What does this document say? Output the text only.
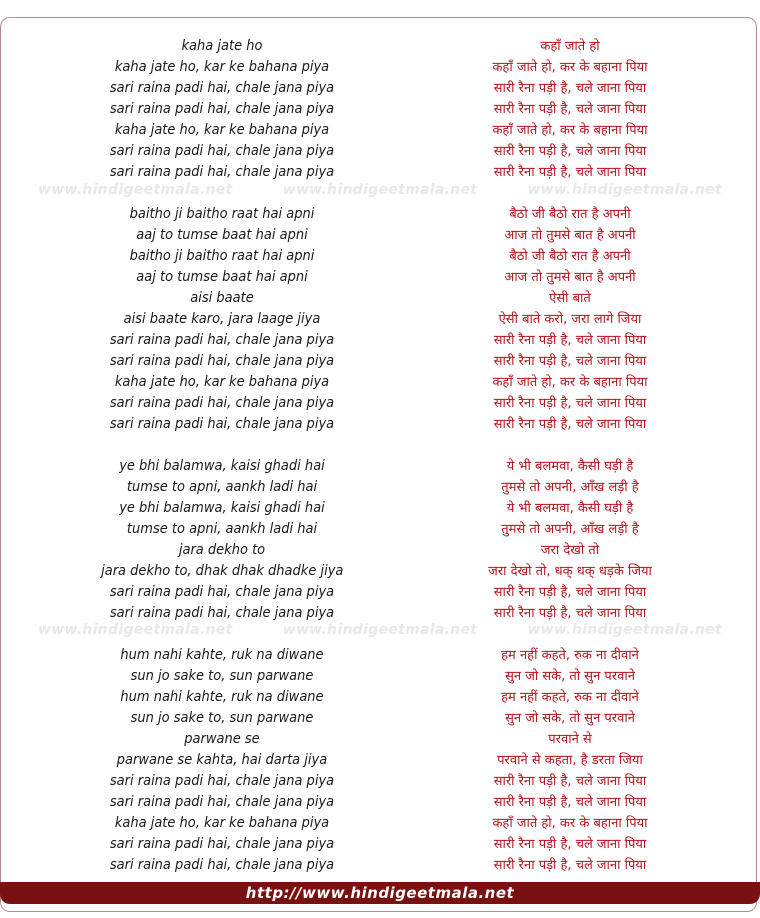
www.hindigeetmala.net	www.hindigeetmala.net	www.hindigeetmala.net
www.hindigeetmala.net	www.hindigeetmala.net	www.hindigeetmala.net
kaha jate ho
kaha jate ho, kar ke bahana piya
sari raina padi hai, chale jana piya
sari raina padi hai, chale jana piya
kaha jate ho, kar ke bahana piya
sari raina padi hai, chale jana piya
sari raina padi hai, chale jana piya
baitho ji baitho raat hai apni
aaj to tumse baat hai apni
baitho ji baitho raat hai apni
aaj to tumse baat hai apni
aisi baate
aisi baate karo, jara laage jiya
sari raina padi hai, chale jana piya
sari raina padi hai, chale jana piya
kaha jate ho, kar ke bahana piya
sari raina padi hai, chale jana piya
sari raina padi hai, chale jana piya
ye bhi balamwa, kaisi ghadi hai
tumse to apni, aankh ladi hai
ye bhi balamwa, kaisi ghadi hai
tumse to apni, aankh ladi hai
jara dekho to
jara dekho to, dhak dhak dhadke jiya
sari raina padi hai, chale jana piya
sari raina padi hai, chale jana piya
hum nahi kahte, ruk na diwane
sun jo sake to, sun parwane
hum nahi kahte, ruk na diwane
sun jo sake to, sun parwane
parwane se
parwane se kahta, hai darta jiya
sari raina padi hai, chale jana piya
sari raina padi hai, chale jana piya
kaha jate ho, kar ke bahana piya
sari raina padi hai, chale jana piya
sari raina padi hai, chale jana piya
कहाँ जाते हो
कहाँ जाते हो, कर के बहाना पिया
सारी रैना पड़ी है, चले जाना पिया
सारी रैना पड़ी है, चले जाना पिया
कहाँ जाते हो, कर के बहाना पिया
सारी रैना पड़ी है, चले जाना पिया
सारी रैना पड़ी है, चले जाना पिया
बैठो जी बैठो रात है अपनी
आज तो तुमसे बात है अपनी
बैठो जी बैठो रात है अपनी
आज तो तुमसे बात है अपनी
ऐसी बाते
ऐसी बाते करो, जरा लागे जिया
सारी रैना पड़ी है, चले जाना पिया
सारी रैना पड़ी है, चले जाना पिया
कहाँ जाते हो, कर के बहाना पिया
सारी रैना पड़ी है, चले जाना पिया
सारी रैना पड़ी है, चले जाना पिया
ये भी बलमवा, कैसी घड़ी है
तुमसे तो अपनी, आँख लड़ी है
ये भी बलमवा, कैसी घड़ी है
तुमसे तो अपनी, आँख लड़ी है
जरा देखो तो
जरा देखो तो, धक् धक् धड़के जिया
सारी रैना पड़ी है, चले जाना पिया
सारी रैना पड़ी है, चले जाना पिया
हम नहीं कहते, रुक ना दीवाने
सुन जो सके, तो सुन परवाने
हम नहीं कहते, रुक ना दीवाने
सुन जो सके, तो सुन परवाने
परवाने से
परवाने से कहता, है डरता जिया
सारी रैना पड़ी है, चले जाना पिया
सारी रैना पड़ी है, चले जाना पिया
कहाँ जाते हो, कर के बहाना पिया
सारी रैना पड़ी है, चले जाना पिया
सारी रैना पड़ी है, चले जाना पिया
http://www.hindigeetmala.net
